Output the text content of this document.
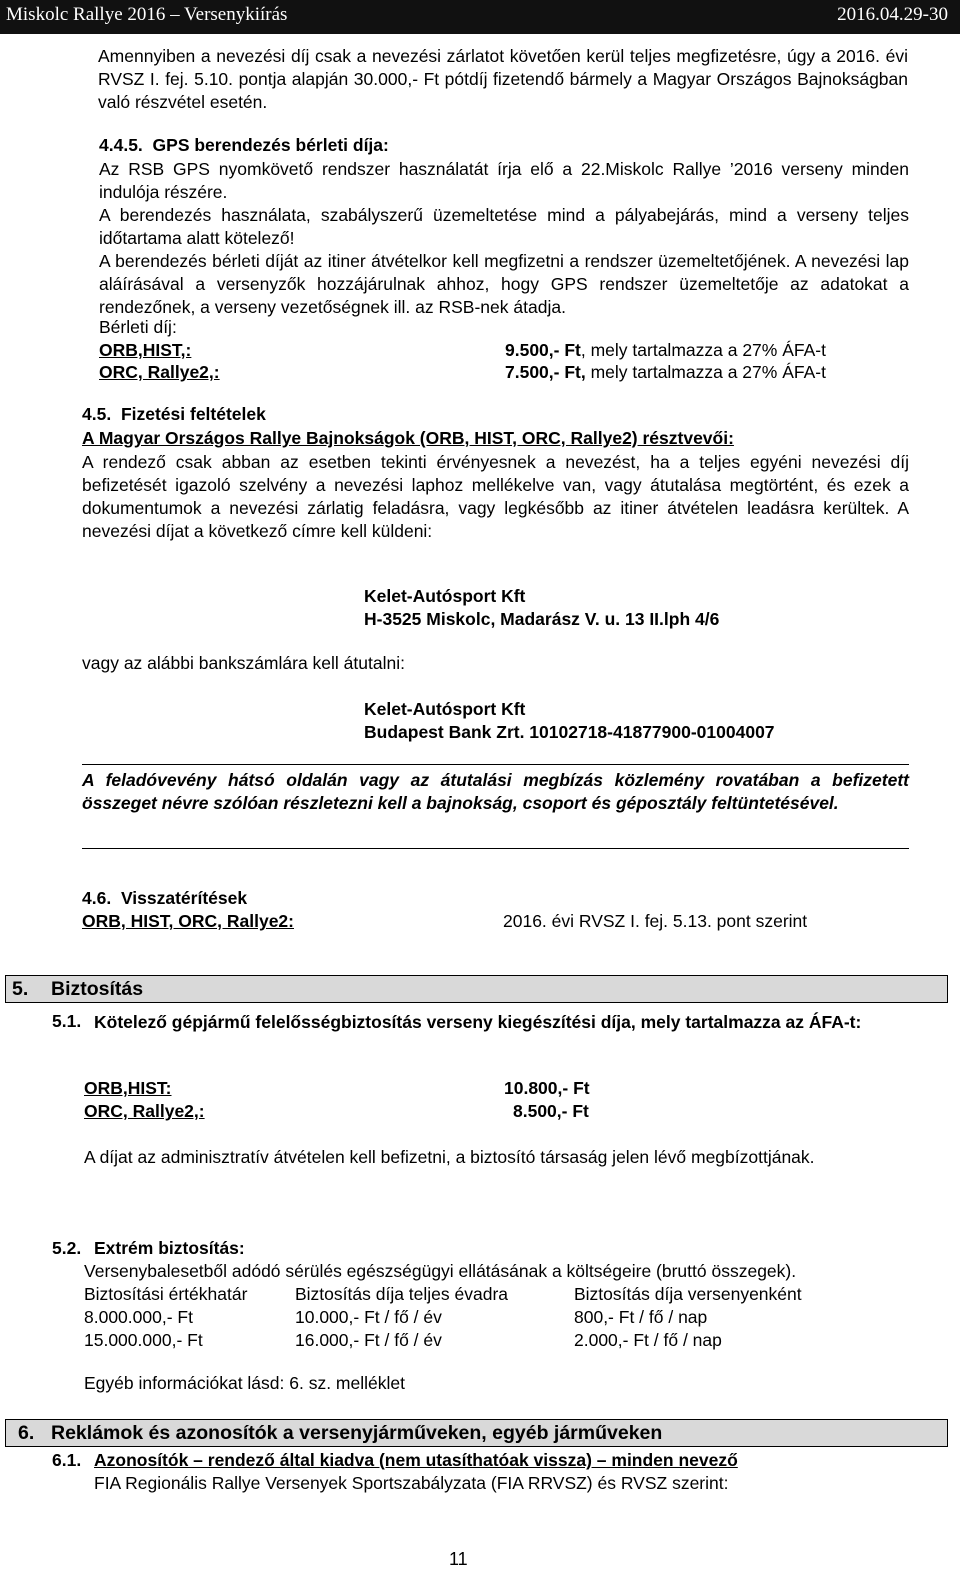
Miskolc Rallye 2016 – Versenykiírás	2016.04.29-30

Amennyiben a nevezési díj csak a nevezési zárlatot követően kerül teljes megfizetésre, úgy a 2016. évi RVSZ I. fej. 5.10. pontja alapján 30.000,- Ft pótdíj fizetendő bármely a Magyar Országos Bajnokságban való részvétel esetén.

4.4.5. GPS berendezés bérleti díja:

Az RSB GPS nyomkövető rendszer használatát írja elő a 22.Miskolc Rallye ’2016 verseny minden indulója részére.

A berendezés használata, szabályszerű üzemeltetése mind a pályabejárás, mind a verseny teljes időtartama alatt kötelező!

A berendezés bérleti díját az itiner átvételkor kell megfizetni a rendszer üzemeltetőjének. A nevezési lap aláírásával a versenyzők hozzájárulnak ahhoz, hogy GPS rendszer üzemeltetője az adatokat a rendezőnek, a verseny vezetőségnek ill. az RSB-nek átadja.

Bérleti díj:

ORB,HIST,:	9.500,- Ft, mely tartalmazza a 27% ÁFA-t
ORC, Rallye2,:	7.500,- Ft, mely tartalmazza a 27% ÁFA-t
4.5. Fizetési feltételek

A Magyar Országos Rallye Bajnokságok (ORB, HIST, ORC, Rallye2) résztvevői:

A rendező csak abban az esetben tekinti érvényesnek a nevezést, ha a teljes egyéni nevezési díj befizetését igazoló szelvény a nevezési laphoz mellékelve van, vagy átutalása megtörtént, és ezek a dokumentumok a nevezési zárlatig feladásra, vagy legkésőbb az itiner átvételen leadásra kerültek. A nevezési díjat a következő címre kell küldeni:

Kelet-Autósport Kft

H-3525 Miskolc, Madarász V. u. 13 II.lph 4/6

vagy az alábbi bankszámlára kell átutalni:

Kelet-Autósport Kft

Budapest Bank Zrt. 10102718-41877900-01004007

A feladóvevény hátsó oldalán vagy az átutalási megbízás közlemény rovatában a befizetett összeget névre szólóan részletezni kell a bajnokság, csoport és géposztály feltüntetésével.

4.6. Visszatérítések

ORB, HIST, ORC, Rallye2:	2016. évi RVSZ I. fej. 5.13. pont szerint

5. Biztosítás
5.1. Kötelező gépjármű felelősségbiztosítás verseny kiegészítési díja, mely tartalmazza az ÁFA-t:

ORB,HIST:	10.800,- Ft
ORC, Rallye2,:	8.500,- Ft

A díjat az adminisztratív átvételen kell befizetni, a biztosító társaság jelen lévő megbízottjának.

5.2. Extrém biztosítás:

Versenybalesetből adódó sérülés egészségügyi ellátásának a költségeire (bruttó összegek).

Biztosítási értékhatár	Biztosítás díja teljes évadra	Biztosítás díja versenyenként
8.000.000,- Ft	10.000,- Ft / fő / év	800,- Ft / fő / nap
15.000.000,- Ft	16.000,- Ft / fő / év	2.000,- Ft / fő / nap

Egyéb információkat lásd: 6. sz. melléklet

6. Reklámok és azonosítók a versenyjárműveken, egyéb járműveken
6.1. Azonosítók – rendező által kiadva (nem utasíthatóak vissza) – minden nevező

FIA Regionális Rallye Versenyek Sportszabályzata (FIA RRVSZ) és RVSZ szerint:

11
